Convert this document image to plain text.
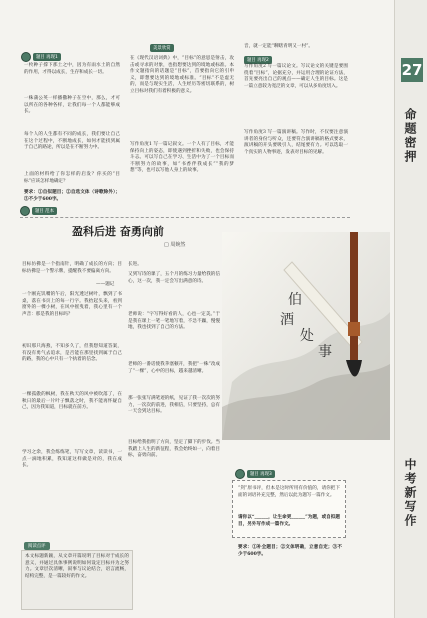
27
命题密押
中考新写作
题目 再现1

一枚种子撑下那土之中，因为有雨水土的自然的作用，才得以成长，生存和成长一切。

一株蒲公英一样播撒种子在空中，那么，才可以所在的各种各样，让我们每一个人都能够成长。

每个人的人生都有不同的成长，我们要让自己在这个过程中，不断地成长，如何才能找到属于自己的路途，所以是在不断努力中。

上面的材料给了你怎样的启发？你买的“目标”应该怎样地确定？

要求：①自拟题目；②自选文体（诗歌除外）；③不少于600字。

美景欣赏

在《现代汉语词典》中，“目标”的意思是射击，攻击或寻求的对象，也指想要达到的境地或标准。本作文题指向的话题是“目标”，首要指向它的引申义，即想要达到的境地或标准。“目标”不是虚无的，而是与现实生活，人生经历等密切联系的，树立目标对我们有着积极的意义。

写作角度1 写一篇记叙文。一个人有了目标，才能保持向上的姿态，即使遇到挫折和失败，也会保持斗志。可以写自己在学习、生活中为了一个目标而不断努力的故事，如“书香伴我成长”“我的梦想”等，也可以写他人身上的故事。

音，就一定能“聊瞎青明又一村”。

题目 再现2

写作角度2 写一篇议论文。写议论文的关键是要围绕着“目标”，论据充分，并运用合理的论证方法，首先要亮出自己的观点——确定人生的目标。这是一篇立意较为宽泛的文章，可以从多角度切入。

写作角度3 写一篇演讲稿。写作时，不仅要注意演讲者的身份与听众，还要符合演讲稿的格式要求，演讲稿的开头要吸引人，结尾要有力。可以选取一个真实的人物事迹，发表对目标的见解。

题目 范本
盈科后进 奋勇向前
□ 周婉然

目标仿佛是一个指南针，明确了成长的方向；目标仿佛是一个警示牌，提醒我不要偏离方向。

——题记

一个刚充饥嘴的午后，阳光透过树叶，飘到了书桌，落在书页上的每一行字。我抬起头来，看到窗外的一棵小树，在风中摇曳着，我心里有一个声音：那是我的目标吗？

初识那只海燕，不知多久了，但我想知道答案，有没有勇气去追求，是否能在那里找到属于自己的路，我的心中只有一个执着的信念。

一棵孤傲的枫树，我在秋天的风中被吹落了，在秋日的最后一片叶子飘落之时，我不能再怀疑自己，因为我知道，目标就在前方。

学习之余，我会练练笔，写写文章，读读书，一点一滴地积累，我知道这样做是对的，我在成长。

长进。

又到写诗的课了，五个月的练习力量给我的信心，这一次，我一定会写出满意的诗。

老师说：“字写得好看的人，心也一定美。”于是我在课上一笔一笔地写着，不急不躁，慢慢地，我也找到了自己的方法。

老师的一番话使我茅塞顿开，我把“一株”改成了“一棵”，心中的目标，越来越清晰。

那一张张写满笔迹的纸，见证了我一次次的努力，一次次的前进，我相信，只要坚持，总有一天会到达目标。

目标给我指明了方向，坚定了脚下的步伐。当我踏上人生的新征程，我会始终如一，向着目标，奋勇向前。

伯
酒
处
事
题目 再现3

“剑”原书评，但本是这时所用有价值的，请你把下面的词语补充完整，然后以此为题写一篇作文。

请你以“______，让生命更______”为题，或自拟题目，另外写作成一篇作文。

要求：①补全题目；②文体明确，立意自定；③不少于600字。

阅读点评

本文标题新颖，从文章开篇说明了目标对于成长的意义，并通过具体事例说明如何设定目标并为之努力。文章层次清晰，叙事与议论结合，语言流畅，结构完整，是一篇较好的作文。
